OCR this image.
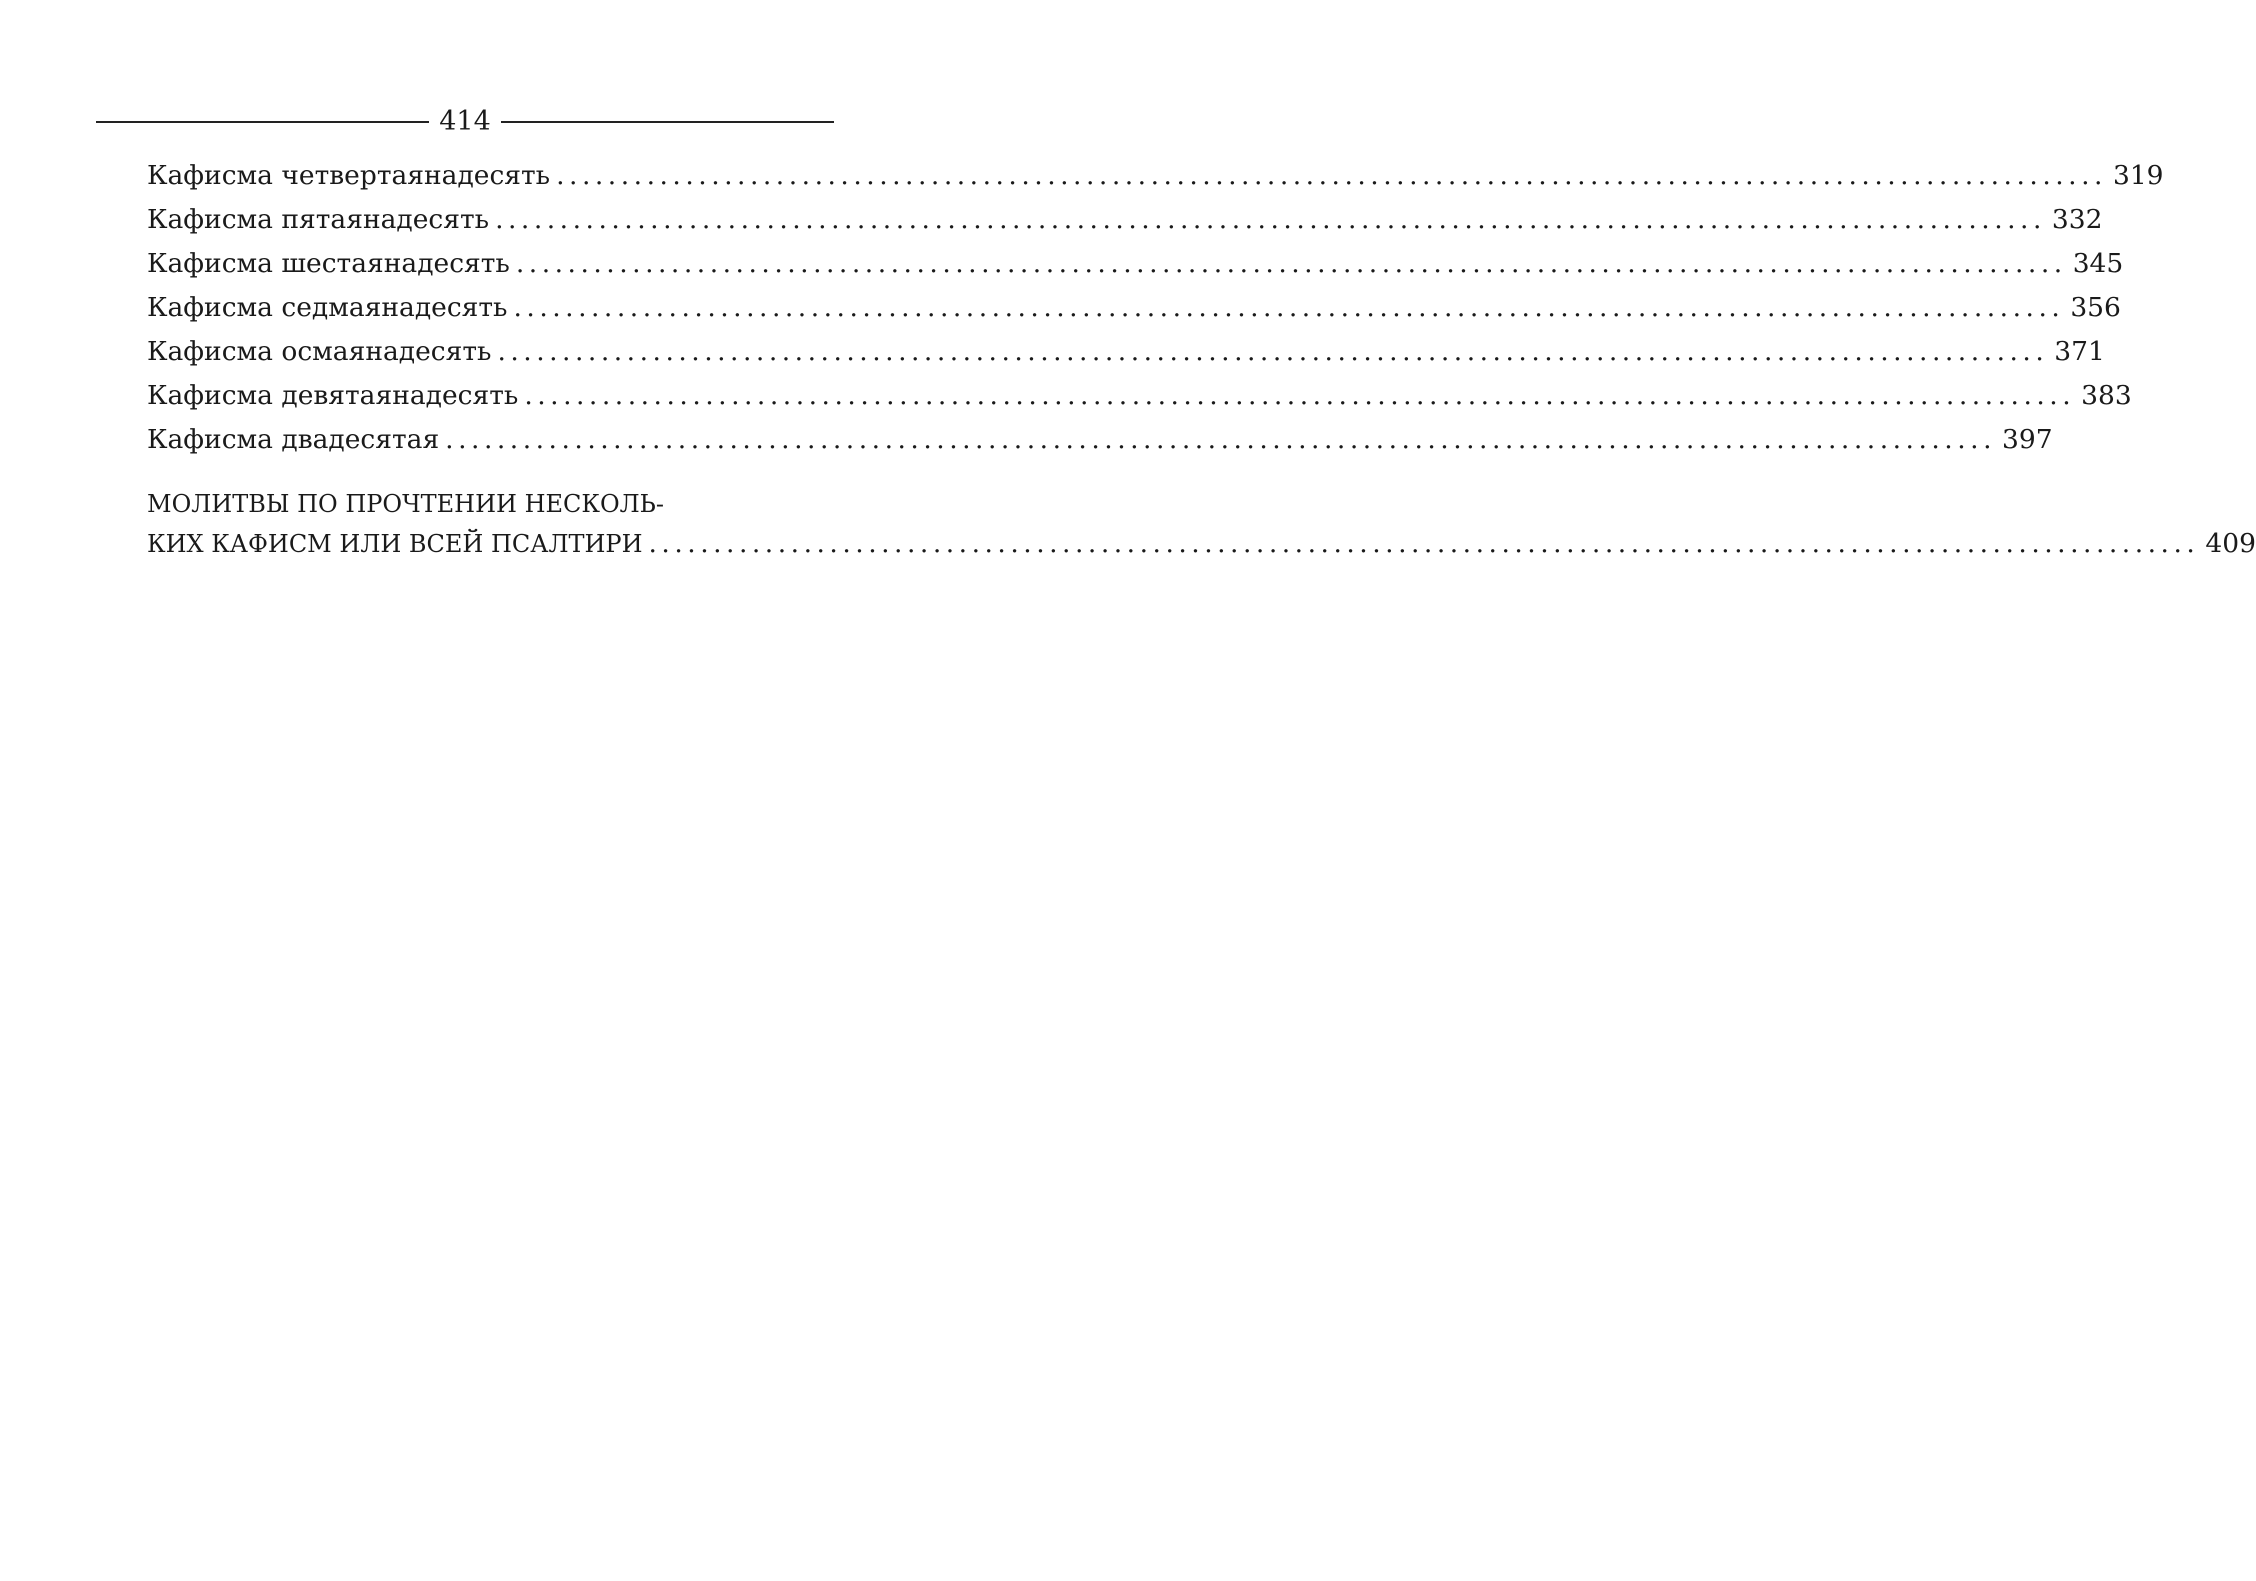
414
Кафисма четвертаянадесять ........................................................................................................................ 319
Кафисма пятаянадесять ........................................................................................................................ 332
Кафисма шестаянадесять ........................................................................................................................ 345
Кафисма седмаянадесять ........................................................................................................................ 356
Кафисма осмаянадесять ........................................................................................................................ 371
Кафисма девятаянадесять ........................................................................................................................ 383
Кафисма двадесятая ........................................................................................................................ 397
МОЛИТВЫ ПО ПРОЧТЕНИИ НЕСКОЛЬ-
КИХ КАФИСМ ИЛИ ВСЕЙ ПСАЛТИРИ ........................................................................................................................ 409
